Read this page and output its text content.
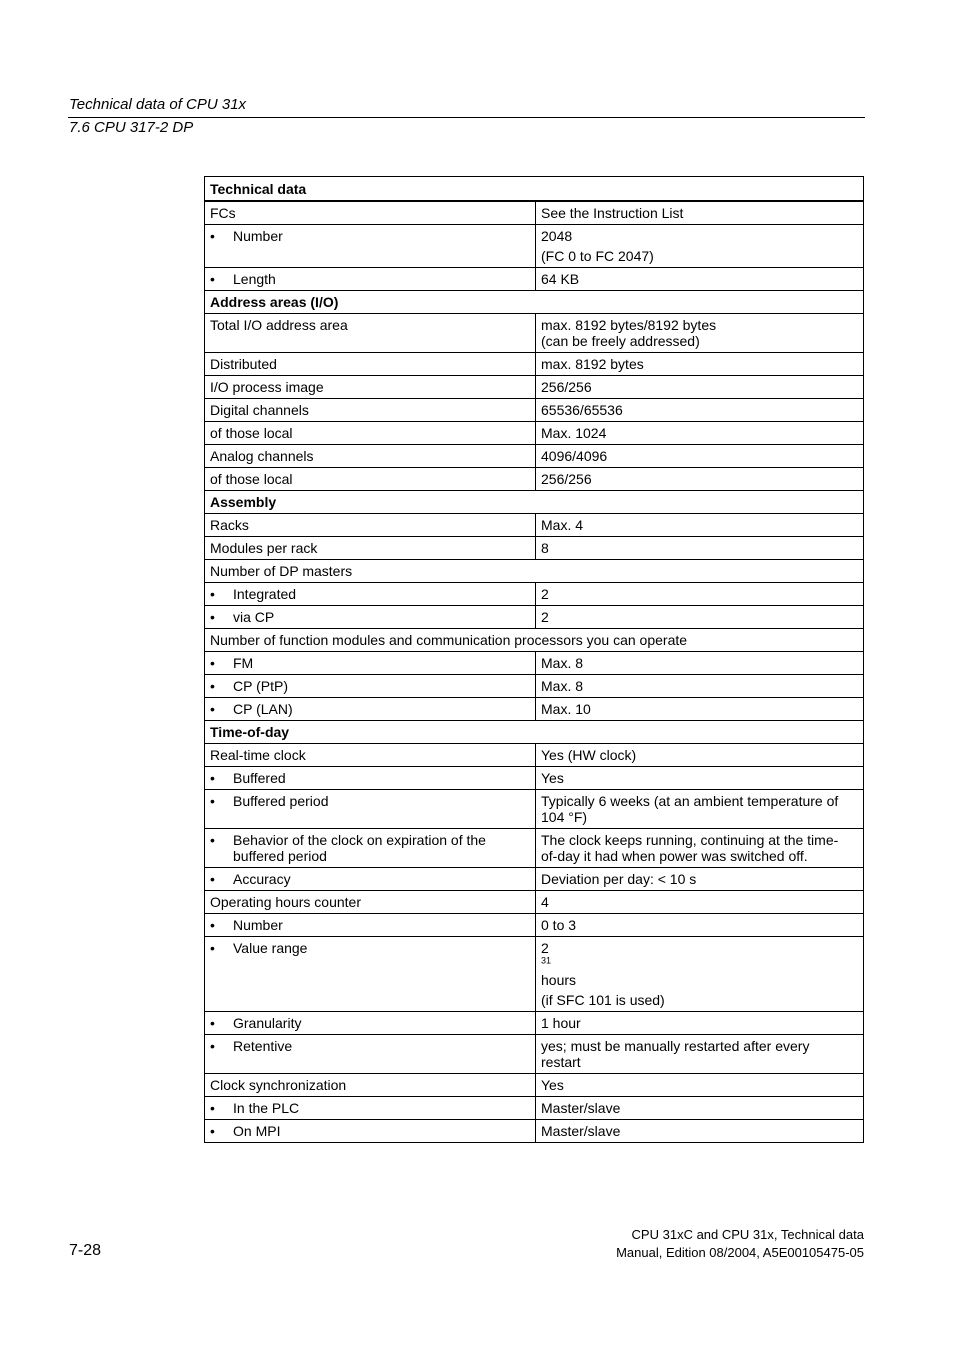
Technical data of CPU 31x
7.6 CPU 317-2 DP
Technical data	
FCs	See the Instruction List

• Number	2048
(FC 0 to FC 2047)

• Length	64 KB
Address areas (I/O)	
Total I/O address area	max. 8192 bytes/8192 bytes
(can be freely addressed)
Distributed	max. 8192 bytes
I/O process image	256/256
Digital channels	65536/65536
of those local	Max. 1024
Analog channels	4096/4096
of those local	256/256
Assembly	
Racks	Max. 4
Modules per rack	8
Number of DP masters	

• Integrated	2

• via CP	2
Number of function modules and communication processors you can operate	

• FM	Max. 8

• CP (PtP)	Max. 8

• CP (LAN)	Max. 10
Time-of-day	
Real-time clock	Yes (HW clock)

• Buffered	Yes

• Buffered period	Typically 6 weeks (at an ambient temperature of
104 °F)

• Behavior of the clock on expiration of the
buffered period	The clock keeps running, continuing at the time-
of-day it had when power was switched off.

• Accuracy	Deviation per day: < 10 s
Operating hours counter	4

• Number	0 to 3

• Value range	2
$^{31}$
hours
(if SFC 101 is used)

• Granularity	1 hour

• Retentive	yes; must be manually restarted after every
restart
Clock synchronization	Yes

• In the PLC	Master/slave

• On MPI	Master/slave
7-28
CPU 31xC and CPU 31x, Technical data
Manual, Edition 08/2004, A5E00105475-05
